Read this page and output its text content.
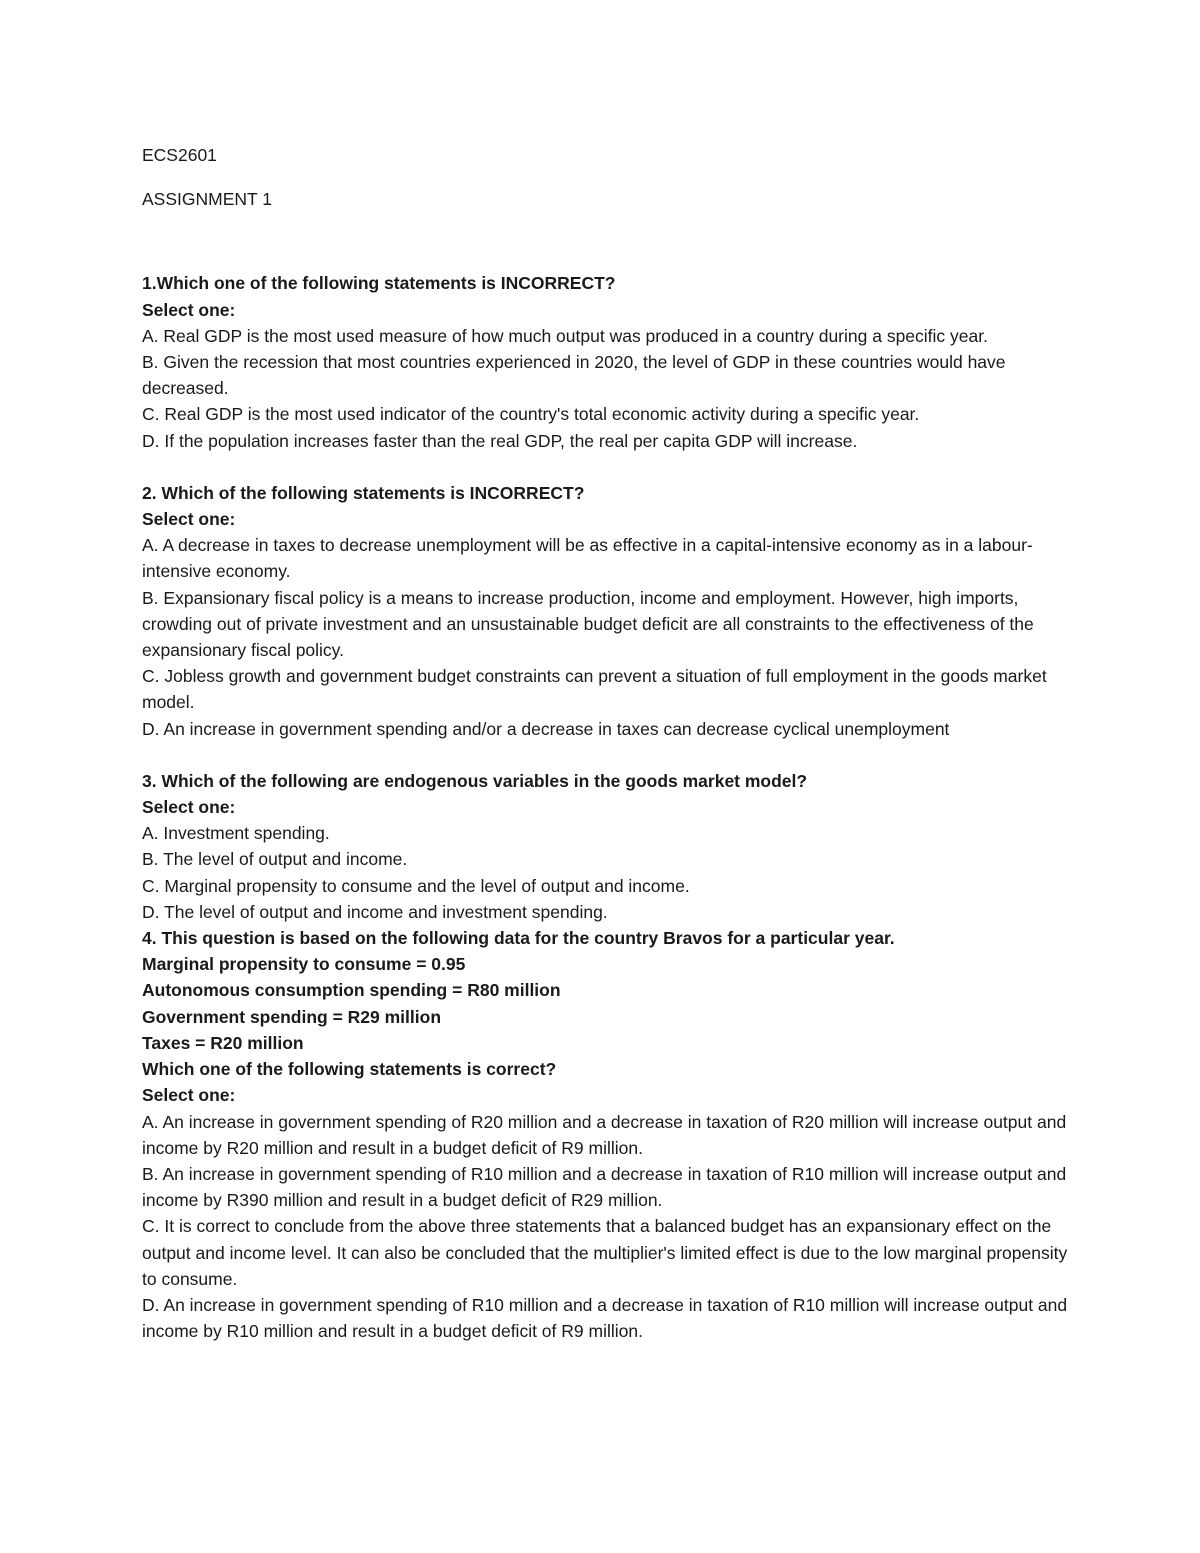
ECS2601

ASSIGNMENT 1

1.Which one of the following statements is INCORRECT?

Select one:

A. Real GDP is the most used measure of how much output was produced in a country during a specific year.

B. Given the recession that most countries experienced in 2020, the level of GDP in these countries would have decreased.

C. Real GDP is the most used indicator of the country's total economic activity during a specific year.

D. If the population increases faster than the real GDP, the real per capita GDP will increase.

2. Which of the following statements is INCORRECT?

Select one:

A. A decrease in taxes to decrease unemployment will be as effective in a capital-intensive economy as in a labour-intensive economy.

B. Expansionary fiscal policy is a means to increase production, income and employment. However, high imports, crowding out of private investment and an unsustainable budget deficit are all constraints to the effectiveness of the expansionary fiscal policy.

C. Jobless growth and government budget constraints can prevent a situation of full employment in the goods market model.

D. An increase in government spending and/or a decrease in taxes can decrease cyclical unemployment

3. Which of the following are endogenous variables in the goods market model?

Select one:

A. Investment spending.

B. The level of output and income.

C. Marginal propensity to consume and the level of output and income.

D. The level of output and income and investment spending.

4. This question is based on the following data for the country Bravos for a particular year.

Marginal propensity to consume = 0.95

Autonomous consumption spending = R80 million

Government spending = R29 million

Taxes = R20 million

Which one of the following statements is correct?

Select one:

A. An increase in government spending of R20 million and a decrease in taxation of R20 million will increase output and income by R20 million and result in a budget deficit of R9 million.

B. An increase in government spending of R10 million and a decrease in taxation of R10 million will increase output and income by R390 million and result in a budget deficit of R29 million.

C. It is correct to conclude from the above three statements that a balanced budget has an expansionary effect on the output and income level. It can also be concluded that the multiplier's limited effect is due to the low marginal propensity to consume.

D. An increase in government spending of R10 million and a decrease in taxation of R10 million will increase output and income by R10 million and result in a budget deficit of R9 million.
